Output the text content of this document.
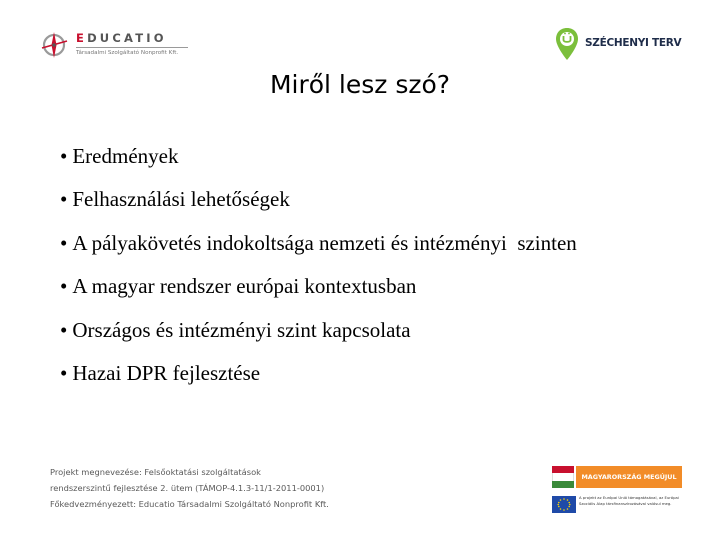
EDUCATIO
Társadalmi Szolgáltató Nonprofit Kft.
SZÉCHENYI TERV
Miről lesz szó?
• Eredmények
• Felhasználási lehetőségek
• A pályakövetés indokoltsága nemzeti és intézményi  szinten
• A magyar rendszer európai kontextusban
• Országos és intézményi szint kapcsolata
• Hazai DPR fejlesztése
Projekt megnevezése: Felsőoktatási szolgáltatások
rendszerszintű fejlesztése 2. ütem (TÁMOP-4.1.3-11/1-2011-0001)
Főkedvezményezett: Educatio Társadalmi Szolgáltató Nonprofit Kft.
MAGYARORSZÁG MEGÚJUL
A projekt az Európai Unió támogatásával, az Európai
Szociális Alap társfinanszírozásával valósul meg.
